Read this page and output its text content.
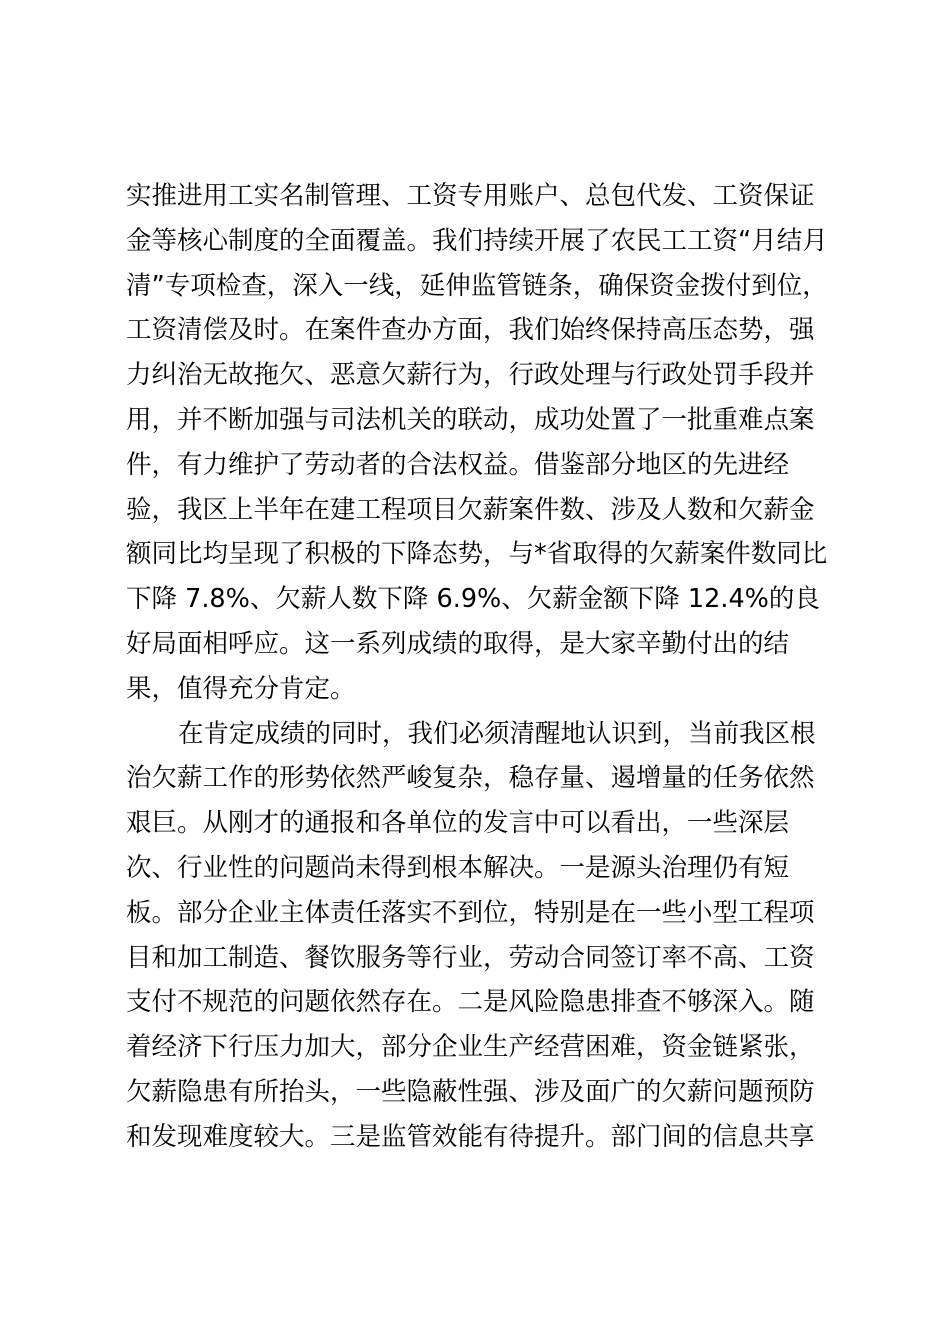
实推进用工实名制管理、工资专用账户、总包代发、工资保证
金等核心制度的全面覆盖。我们持续开展了农民工工资“月结月
清”专项检查，深入一线，延伸监管链条，确保资金拨付到位，
工资清偿及时。在案件查办方面，我们始终保持高压态势，强
力纠治无故拖欠、恶意欠薪行为，行政处理与行政处罚手段并
用，并不断加强与司法机关的联动，成功处置了一批重难点案
件，有力维护了劳动者的合法权益。借鉴部分地区的先进经
验，我区上半年在建工程项目欠薪案件数、涉及人数和欠薪金
额同比均呈现了积极的下降态势，与*省取得的欠薪案件数同比
下降 7.8%、欠薪人数下降 6.9%、欠薪金额下降 12.4%的良
好局面相呼应。这一系列成绩的取得，是大家辛勤付出的结
果，值得充分肯定。
在肯定成绩的同时，我们必须清醒地认识到，当前我区根
治欠薪工作的形势依然严峻复杂，稳存量、遏增量的任务依然
艰巨。从刚才的通报和各单位的发言中可以看出，一些深层
次、行业性的问题尚未得到根本解决。一是源头治理仍有短
板。部分企业主体责任落实不到位，特别是在一些小型工程项
目和加工制造、餐饮服务等行业，劳动合同签订率不高、工资
支付不规范的问题依然存在。二是风险隐患排查不够深入。随
着经济下行压力加大，部分企业生产经营困难，资金链紧张，
欠薪隐患有所抬头，一些隐蔽性强、涉及面广的欠薪问题预防
和发现难度较大。三是监管效能有待提升。部门间的信息共享
